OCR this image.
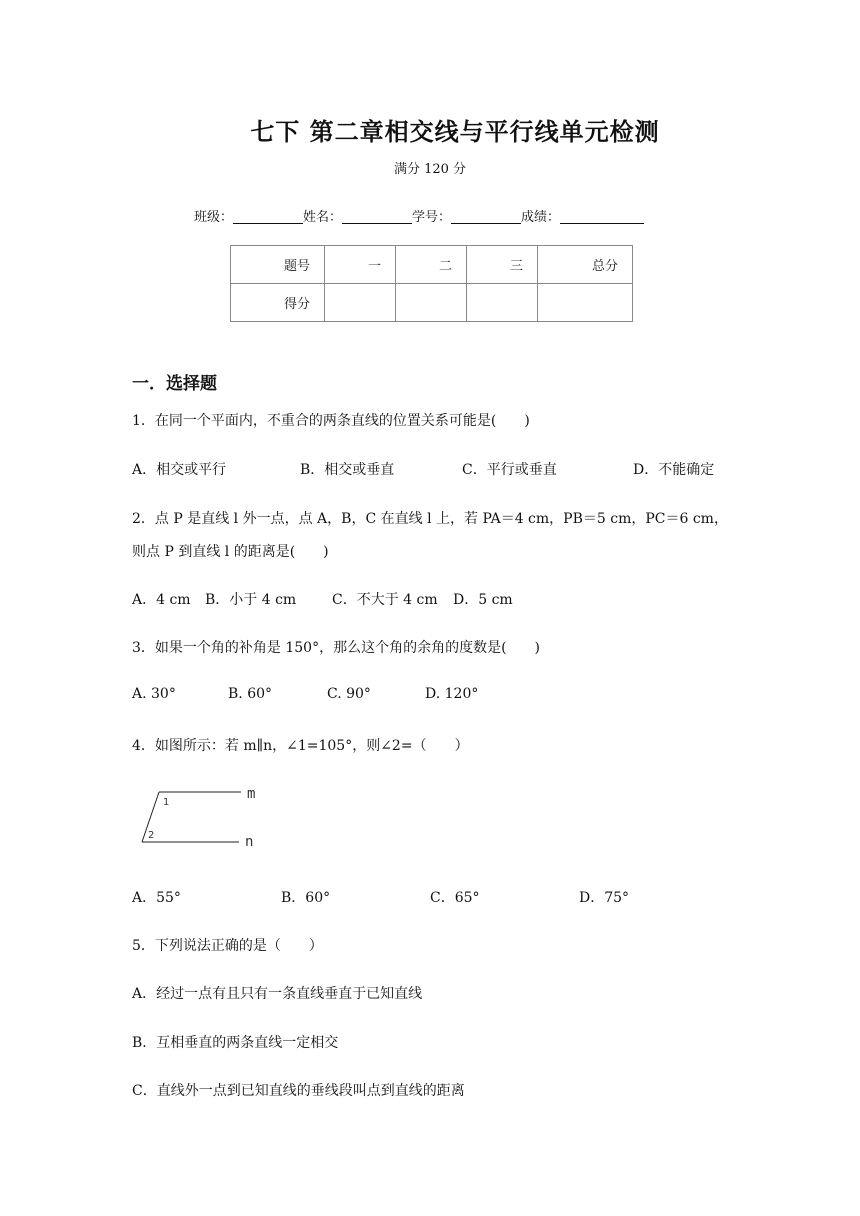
七下 第二章相交线与平行线单元检测
满分 120 分
班级：	姓名：	学号：	成绩：
题号	一	二	三	总分
得分				
一．选择题
1．在同一个平面内，不重合的两条直线的位置关系可能是(　　)
A．相交或平行	B．相交或垂直	C．平行或垂直	D．不能确定
2．点 P 是直线 l 外一点，点 A，B，C 在直线 l 上，若 PA＝4 cm，PB＝5 cm，PC＝6 cm，
则点 P 到直线 l 的距离是(　　)
A．4 cm B．小于 4 cm	C．不大于 4 cm D．5 cm
3．如果一个角的补角是 150°，那么这个角的余角的度数是(　　)
A. 30°	B. 60°	C. 90°	D. 120°
4．如图所示：若 m∥n，∠1=105°，则∠2=（　　）
1
2
m
n
A．55°	B．60°	C．65°	D．75°
5．下列说法正确的是（　　）
A．经过一点有且只有一条直线垂直于已知直线
B．互相垂直的两条直线一定相交
C．直线外一点到已知直线的垂线段叫点到直线的距离
